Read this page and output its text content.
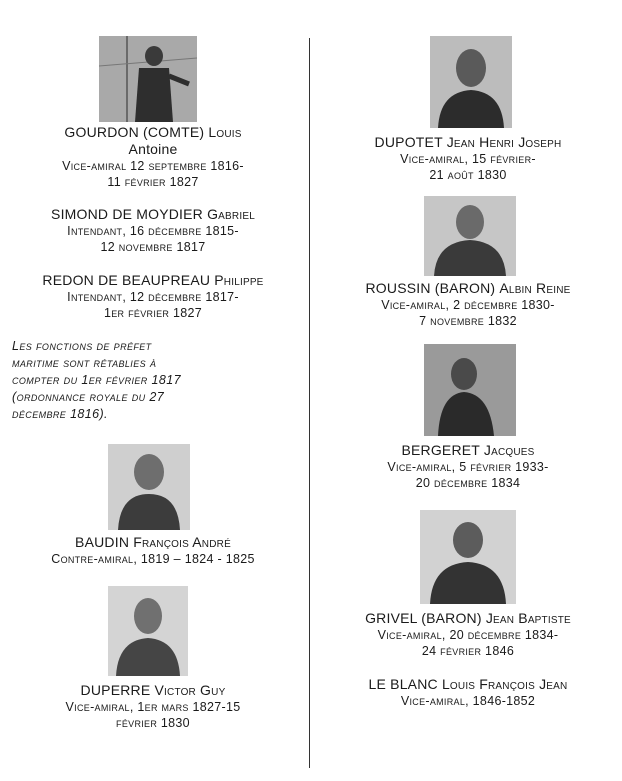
GOURDON (COMTE) Louis
Antoine
Vice-amiral 12 septembre 1816-
11 février 1827
SIMOND DE MOYDIER Gabriel
Intendant, 16 décembre 1815-
12 novembre 1817
REDON DE BEAUPREAU Philippe
Intendant, 12 décembre 1817-
1er février 1827
Les fonctions de préfet
maritime sont rétablies à
compter du 1er février 1817
(ordonnance royale du 27
décembre 1816).
BAUDIN François André
Contre-amiral, 1819 – 1824 - 1825
DUPERRE Victor Guy
Vice-amiral, 1er mars 1827-15
février 1830
DUPOTET Jean Henri Joseph
Vice-amiral, 15 février-
21 août 1830
ROUSSIN (BARON) Albin Reine
Vice-amiral, 2 décembre 1830-
7 novembre 1832
BERGERET Jacques
Vice-amiral, 5 février 1933-
20 décembre 1834
GRIVEL (BARON) Jean Baptiste
Vice-amiral, 20 décembre 1834-
24 février 1846
LE BLANC Louis François Jean
Vice-amiral, 1846-1852
